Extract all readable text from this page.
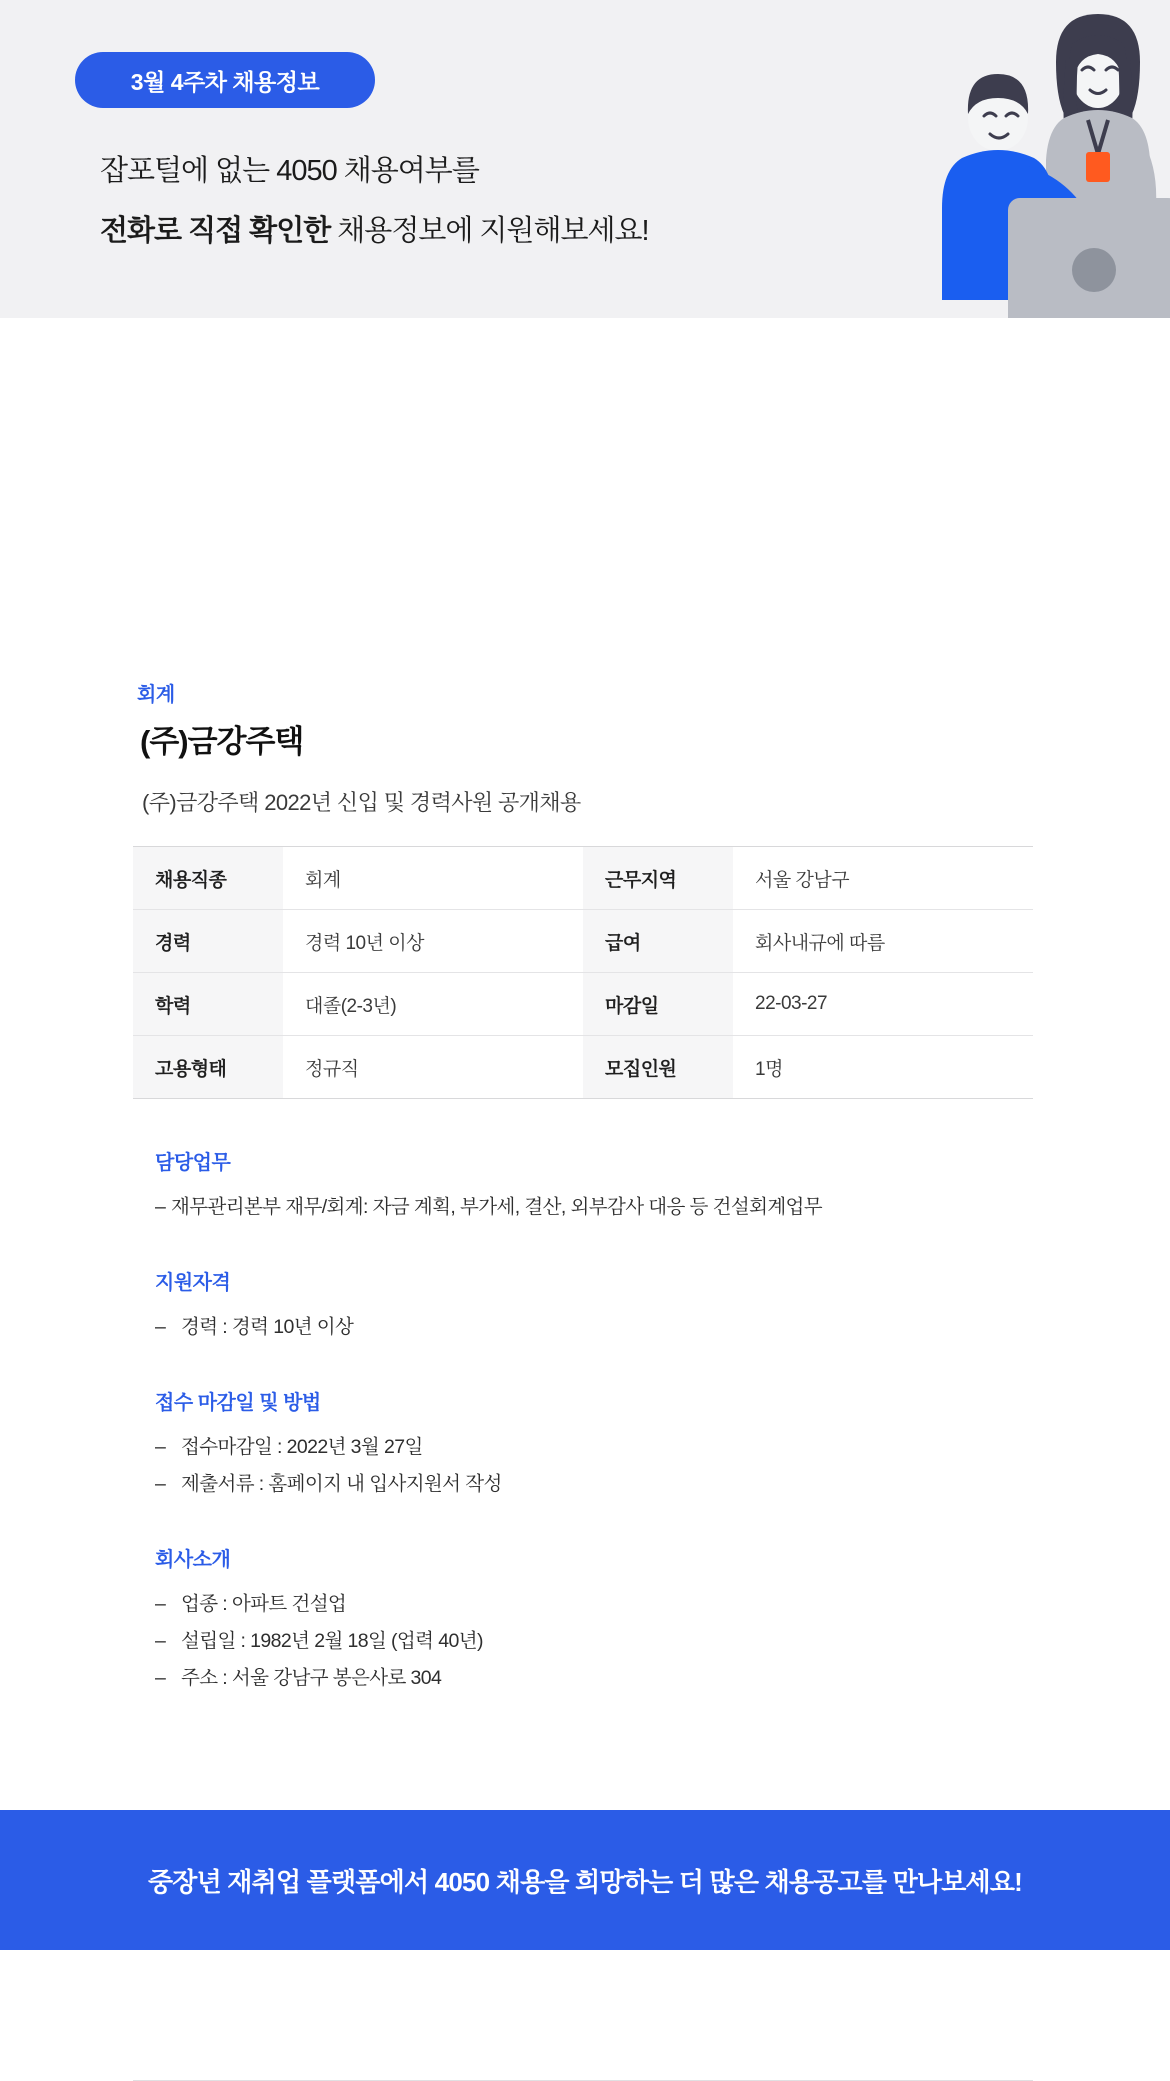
3월 4주차 채용정보
잡포털에 없는 4050 채용여부를
전화로 직접 확인한 채용정보에 지원해보세요!
회계
(주)금강주택
(주)금강주택 2022년 신입 및 경력사원 공개채용
채용직종	회계	근무지역	서울 강남구
경력	경력 10년 이상	급여	회사내규에 따름
학력	대졸(2-3년)	마감일	22-03-27
고용형태	정규직	모집인원	1명
담당업무
– 재무관리본부 재무/회계: 자금 계획, 부가세, 결산, 외부감사 대응 등 건설회계업무
지원자격
– 경력 : 경력 10년 이상
접수 마감일 및 방법
– 접수마감일 : 2022년 3월 27일
– 제출서류 : 홈페이지 내 입사지원서 작성
회사소개
– 업종 : 아파트 건설업
– 설립일 : 1982년 2월 18일 (업력 40년)
– 주소 : 서울 강남구 봉은사로 304
중장년 재취업 플랫폼에서 4050 채용을 희망하는 더 많은 채용공고를 만나보세요!
